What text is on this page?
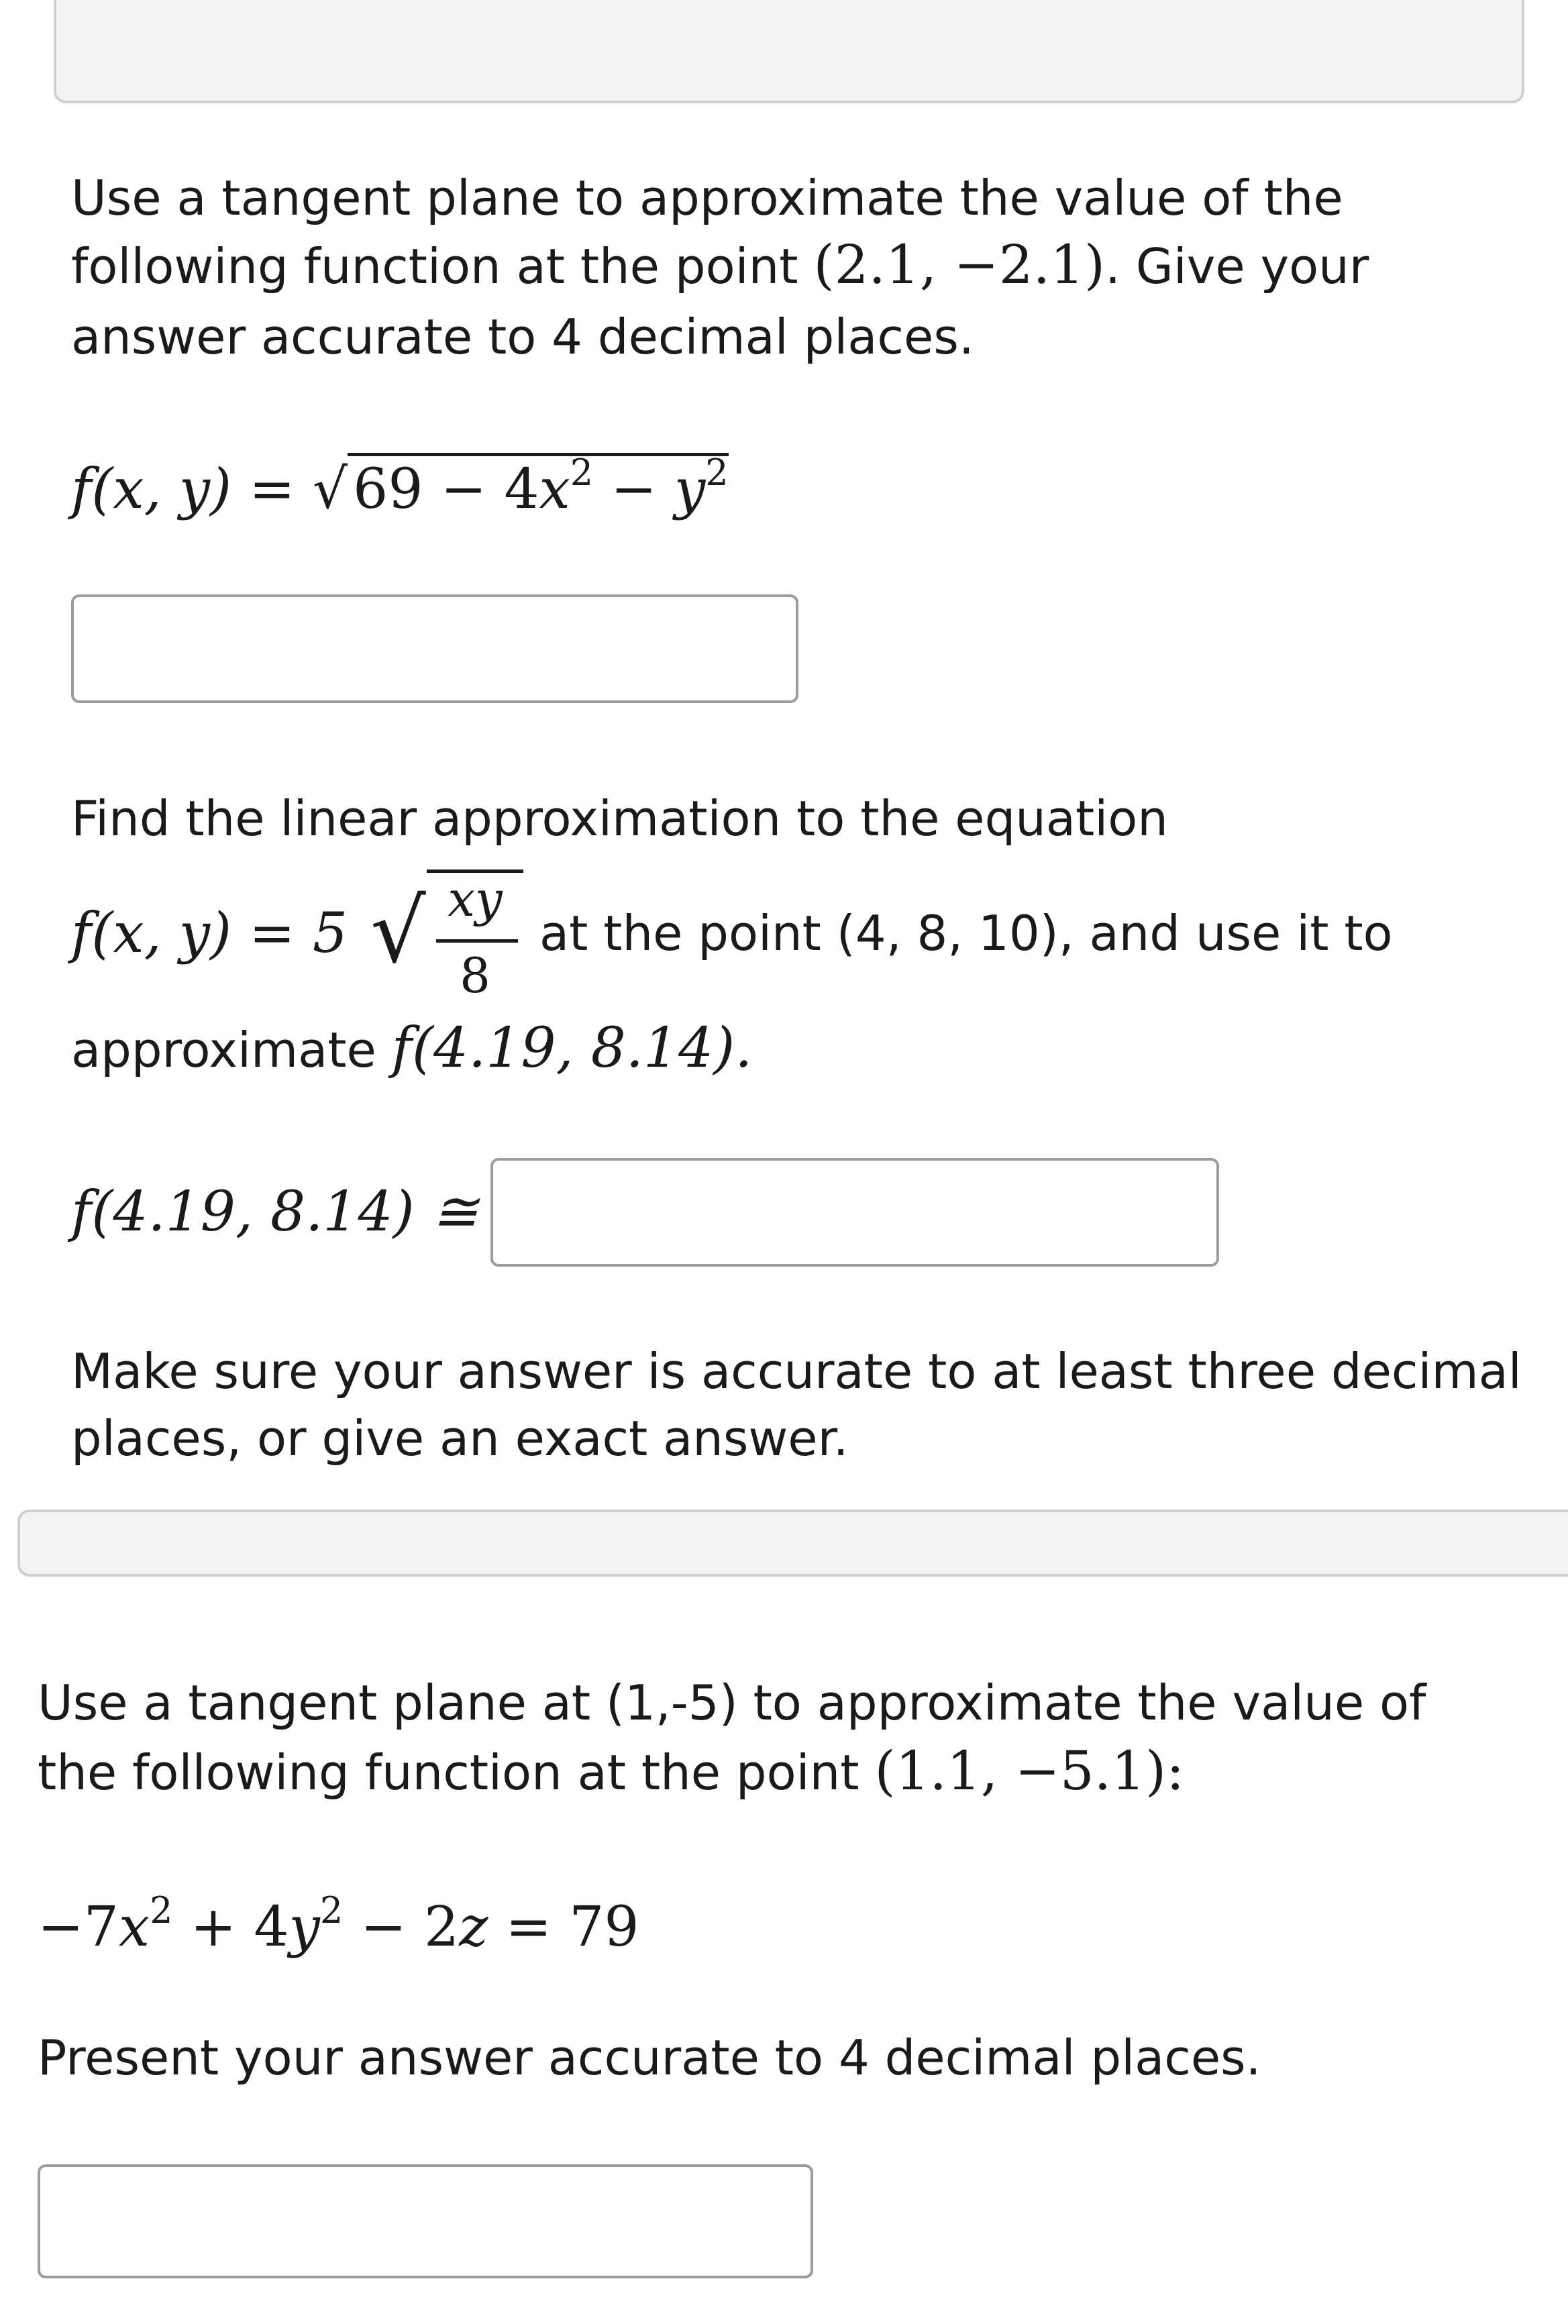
Use a tangent plane to approximate the value of the
following function at the point (2.1, −2.1). Give your
answer accurate to 4 decimal places.
f(x, $y) = √69 - 4x^2 - y^2$
Find the linear approximation to the equation
f(x, y) = 5 √ xy
8
at the point (4, 8, 10), and use it to
approximate f(4.19, 8.14).
f(4.19, 8.14) ≅
Make sure your answer is accurate to at least three decimal
places, or give an exact answer.
Use a tangent plane at (1,-5) to approximate the value of
the following function at the point (1.1, −5.1):
$-7x^2 + 4y^2 - 2z = 79$
Present your answer accurate to 4 decimal places.
